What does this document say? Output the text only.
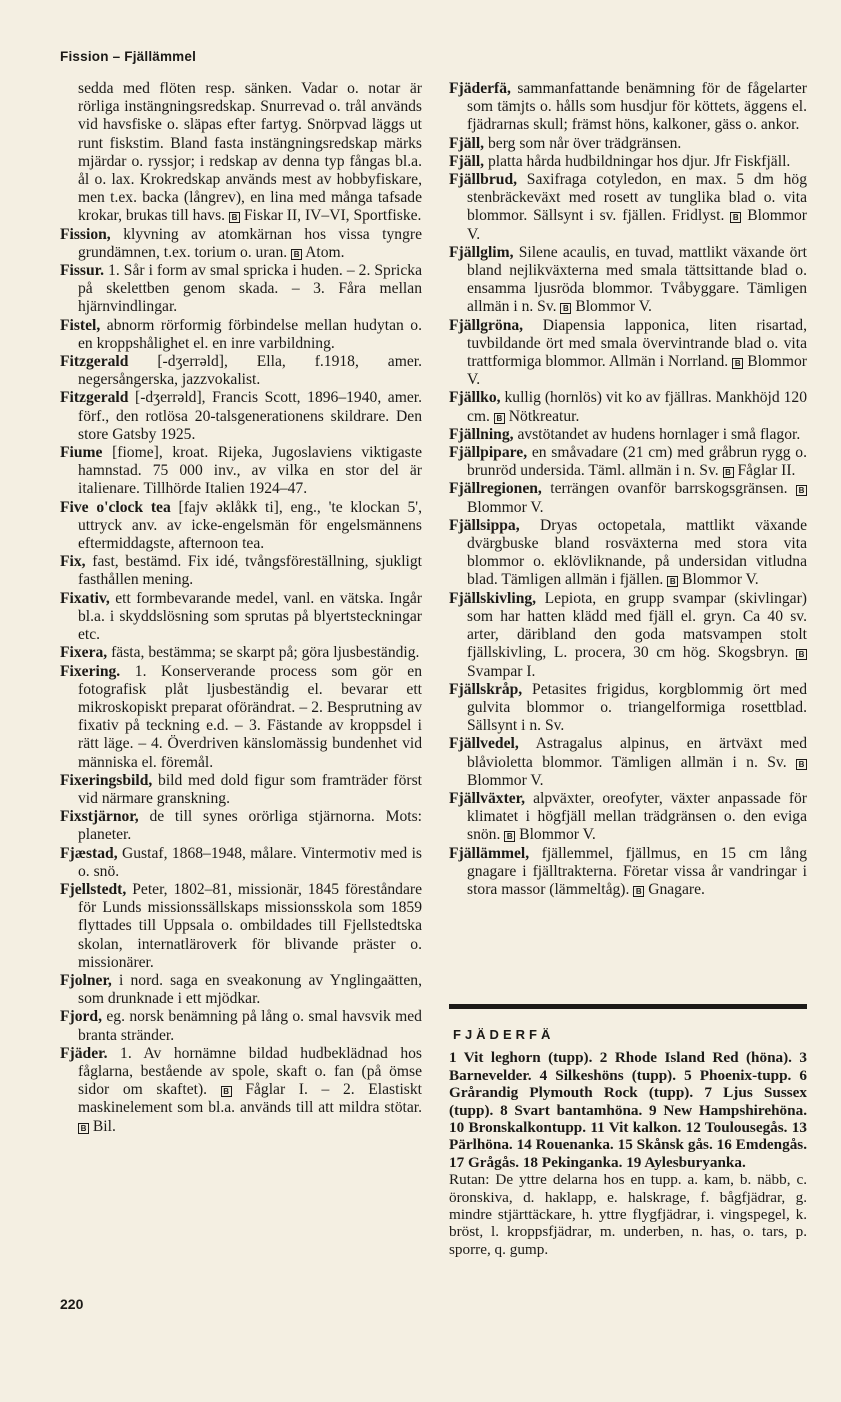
Fission – Fjällämmel

sedda med flöten resp. sänken. Vadar o. notar är rörliga instängningsredskap. Snurrevad o. trål används vid havsfiske o. släpas efter fartyg. Snörpvad läggs ut runt fiskstim. Bland fasta instängningsredskap märks mjärdar o. ryssjor; i redskap av denna typ fångas bl.a. ål o. lax. Krokredskap används mest av hobbyfiskare, men t.ex. backa (långrev), en lina med många tafsade krokar, brukas till havs. B Fiskar II, IV–VI, Sportfiske.

Fission, klyvning av atomkärnan hos vissa tyngre grundämnen, t.ex. torium o. uran. B Atom.

Fissur. 1. Sår i form av smal spricka i huden. – 2. Spricka på skelettben genom skada. – 3. Fåra mellan hjärnvindlingar.

Fistel, abnorm rörformig förbindelse mellan hudytan o. en kroppshålighet el. en inre varbildning.

Fitzgerald [-dʒerrəld], Ella, f.1918, amer. negersångerska, jazzvokalist.

Fitzgerald [-dʒerrəld], Francis Scott, 1896–1940, amer. förf., den rotlösa 20-talsgenerationens skildrare. Den store Gatsby 1925.

Fiume [fiome], kroat. Rijeka, Jugoslaviens viktigaste hamnstad. 75 000 inv., av vilka en stor del är italienare. Tillhörde Italien 1924–47.

Five o'clock tea [fajv əklåkk ti], eng., 'te klockan 5', uttryck anv. av icke-engelsmän för engelsmännens eftermiddagste, afternoon tea.

Fix, fast, bestämd. Fix idé, tvångsföreställning, sjukligt fasthållen mening.

Fixativ, ett formbevarande medel, vanl. en vätska. Ingår bl.a. i skyddslösning som sprutas på blyertsteckningar etc.

Fixera, fästa, bestämma; se skarpt på; göra ljusbeständig.

Fixering. 1. Konserverande process som gör en fotografisk plåt ljusbeständig el. bevarar ett mikroskopiskt preparat oförändrat. – 2. Besprutning av fixativ på teckning e.d. – 3. Fästande av kroppsdel i rätt läge. – 4. Överdriven känslomässig bundenhet vid människa el. föremål.

Fixeringsbild, bild med dold figur som framträder först vid närmare granskning.

Fixstjärnor, de till synes orörliga stjärnorna. Mots: planeter.

Fjæstad, Gustaf, 1868–1948, målare. Vintermotiv med is o. snö.

Fjellstedt, Peter, 1802–81, missionär, 1845 föreståndare för Lunds missionssällskaps missionsskola som 1859 flyttades till Uppsala o. ombildades till Fjellstedtska skolan, internatläroverk för blivande präster o. missionärer.

Fjolner, i nord. saga en sveakonung av Ynglingaätten, som drunknade i ett mjödkar.

Fjord, eg. norsk benämning på lång o. smal havsvik med branta stränder.

Fjäder. 1. Av hornämne bildad hudbeklädnad hos fåglarna, bestående av spole, skaft o. fan (på ömse sidor om skaftet). B Fåglar I. – 2. Elastiskt maskinelement som bl.a. används till att mildra stötar. B Bil.

Fjäderfä, sammanfattande benämning för de fågelarter som tämjts o. hålls som husdjur för köttets, äggens el. fjädrarnas skull; främst höns, kalkoner, gäss o. ankor.

Fjäll, berg som når över trädgränsen.

Fjäll, platta hårda hudbildningar hos djur. Jfr Fiskfjäll.

Fjällbrud, Saxifraga cotyledon, en max. 5 dm hög stenbräckeväxt med rosett av tunglika blad o. vita blommor. Sällsynt i sv. fjällen. Fridlyst. B Blommor V.

Fjällglim, Silene acaulis, en tuvad, mattlikt växande ört bland nejlikväxterna med smala tättsittande blad o. ensamma ljusröda blommor. Tvåbyggare. Tämligen allmän i n. Sv. B Blommor V.

Fjällgröna, Diapensia lapponica, liten risartad, tuvbildande ört med smala övervintrande blad o. vita trattformiga blommor. Allmän i Norrland. B Blommor V.

Fjällko, kullig (hornlös) vit ko av fjällras. Mankhöjd 120 cm. B Nötkreatur.

Fjällning, avstötandet av hudens hornlager i små flagor.

Fjällpipare, en småvadare (21 cm) med gråbrun rygg o. brunröd undersida. Täml. allmän i n. Sv. B Fåglar II.

Fjällregionen, terrängen ovanför barrskogsgränsen. B Blommor V.

Fjällsippa, Dryas octopetala, mattlikt växande dvärgbuske bland rosväxterna med stora vita blommor o. eklövliknande, på undersidan vitludna blad. Tämligen allmän i fjällen. B Blommor V.

Fjällskivling, Lepiota, en grupp svampar (skivlingar) som har hatten klädd med fjäll el. gryn. Ca 40 sv. arter, däribland den goda matsvampen stolt fjällskivling, L. procera, 30 cm hög. Skogsbryn. B Svampar I.

Fjällskråp, Petasites frigidus, korgblommig ört med gulvita blommor o. triangelformiga rosettblad. Sällsynt i n. Sv.

Fjällvedel, Astragalus alpinus, en ärtväxt med blåvioletta blommor. Tämligen allmän i n. Sv. B Blommor V.

Fjällväxter, alpväxter, oreofyter, växter anpassade för klimatet i högfjäll mellan trädgränsen o. den eviga snön. B Blommor V.

Fjällämmel, fjällemmel, fjällmus, en 15 cm lång gnagare i fjälltrakterna. Företar vissa år vandringar i stora massor (lämmeltåg). B Gnagare.

FJÄDERFÄ

1 Vit leghorn (tupp). 2 Rhode Island Red (höna). 3 Barnevelder. 4 Silkeshöns (tupp). 5 Phoenix-tupp. 6 Grårandig Plymouth Rock (tupp). 7 Ljus Sussex (tupp). 8 Svart bantamhöna. 9 New Hampshirehöna. 10 Bronskalkontupp. 11 Vit kalkon. 12 Toulousegås. 13 Pärlhöna. 14 Rouenanka. 15 Skånsk gås. 16 Emdengås. 17 Grågås. 18 Pekinganka. 19 Aylesburyanka.

Rutan: De yttre delarna hos en tupp. a. kam, b. näbb, c. öronskiva, d. haklapp, e. halskrage, f. bågfjädrar, g. mindre stjärttäckare, h. yttre flygfjädrar, i. vingspegel, k. bröst, l. kroppsfjädrar, m. underben, n. has, o. tars, p. sporre, q. gump.

220
